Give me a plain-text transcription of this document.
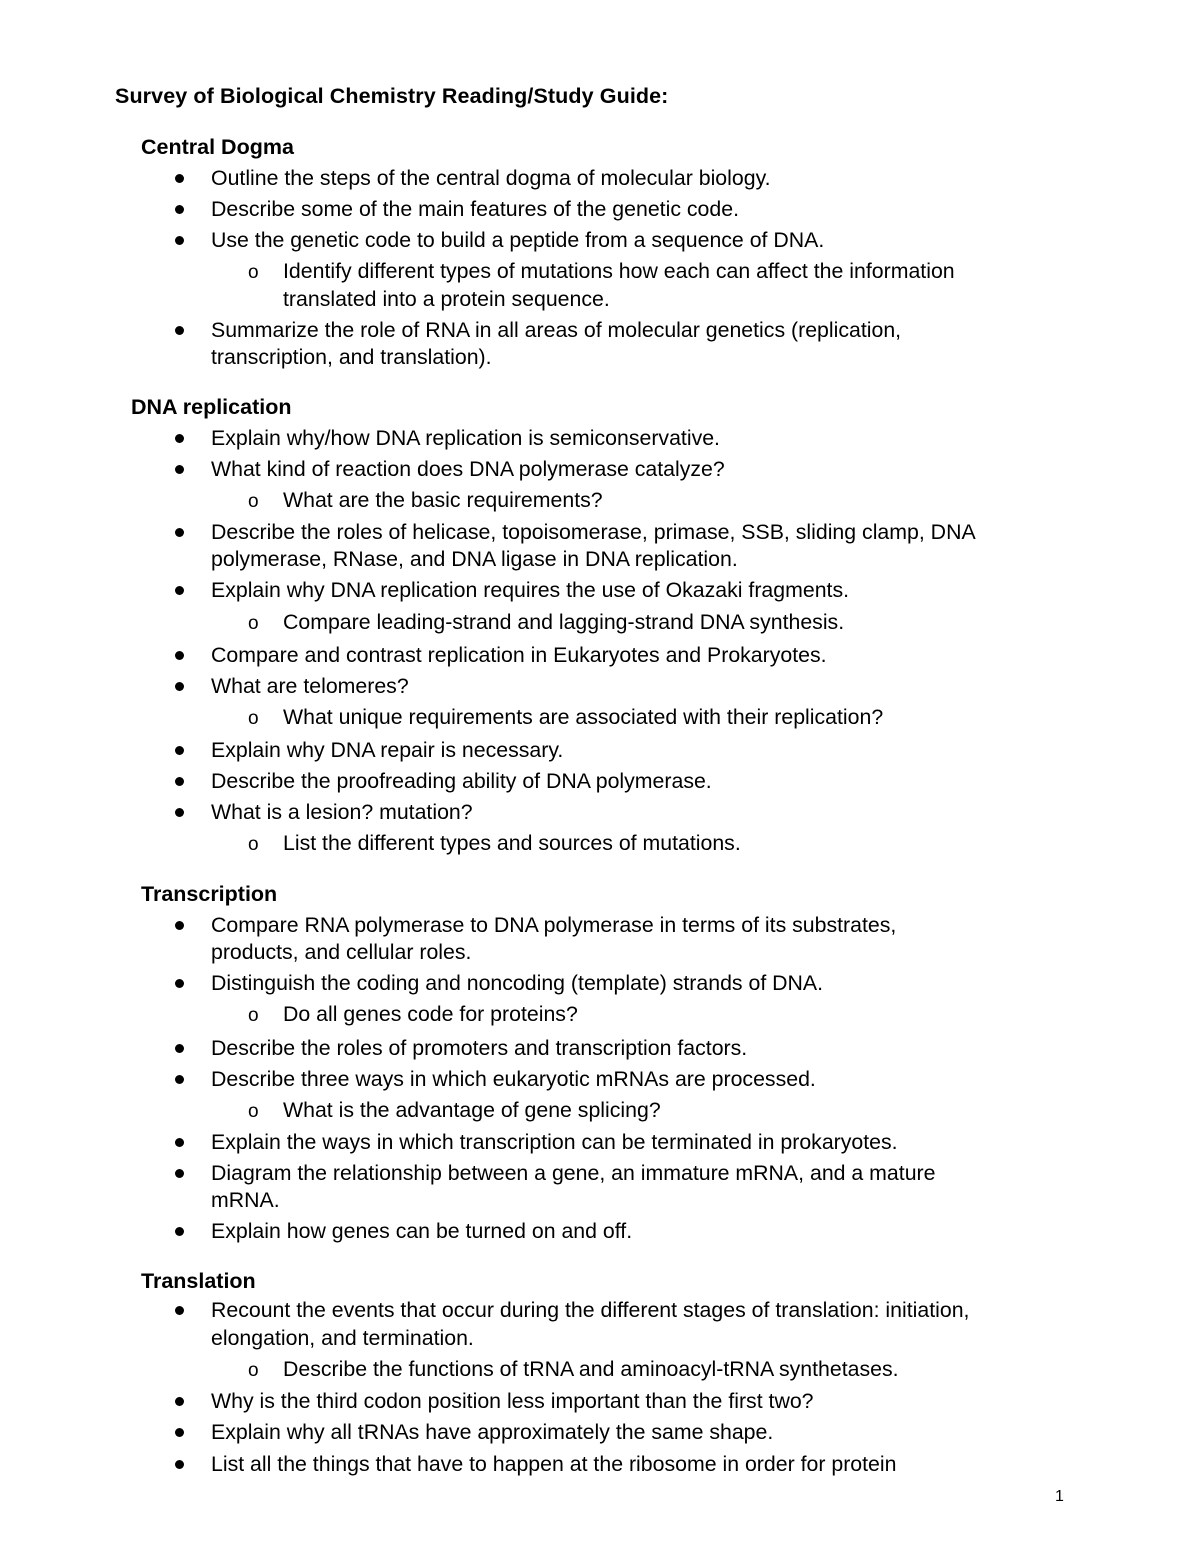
Survey of Biological Chemistry Reading/Study Guide:
Central Dogma
Outline the steps of the central dogma of molecular biology.
Describe some of the main features of the genetic code.
Use the genetic code to build a peptide from a sequence of DNA.
o Identify different types of mutations how each can affect the information
translated into a protein sequence.
Summarize the role of RNA in all areas of molecular genetics (replication,
transcription, and translation).
DNA replication
Explain why/how DNA replication is semiconservative.
What kind of reaction does DNA polymerase catalyze?
o What are the basic requirements?
Describe the roles of helicase, topoisomerase, primase, SSB, sliding clamp, DNA
polymerase, RNase, and DNA ligase in DNA replication.
Explain why DNA replication requires the use of Okazaki fragments.
o Compare leading-strand and lagging-strand DNA synthesis.
Compare and contrast replication in Eukaryotes and Prokaryotes.
What are telomeres?
o What unique requirements are associated with their replication?
Explain why DNA repair is necessary.
Describe the proofreading ability of DNA polymerase.
What is a lesion? mutation?
o List the different types and sources of mutations.
Transcription
Compare RNA polymerase to DNA polymerase in terms of its substrates,
products, and cellular roles.
Distinguish the coding and noncoding (template) strands of DNA.
o Do all genes code for proteins?
Describe the roles of promoters and transcription factors.
Describe three ways in which eukaryotic mRNAs are processed.
o What is the advantage of gene splicing?
Explain the ways in which transcription can be terminated in prokaryotes.
Diagram the relationship between a gene, an immature mRNA, and a mature
mRNA.
Explain how genes can be turned on and off.
Translation
Recount the events that occur during the different stages of translation: initiation,
elongation, and termination.
o Describe the functions of tRNA and aminoacyl-tRNA synthetases.
Why is the third codon position less important than the first two?
Explain why all tRNAs have approximately the same shape.
List all the things that have to happen at the ribosome in order for protein
1
